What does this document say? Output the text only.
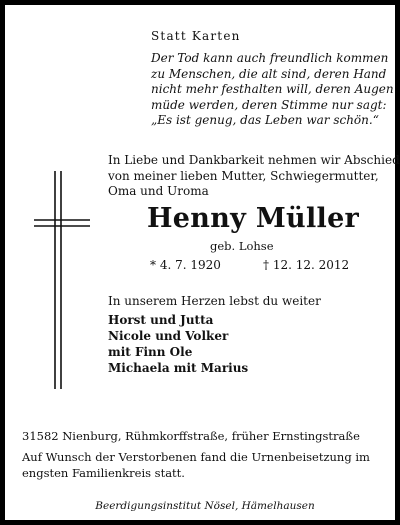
Statt Karten
Der Tod kann auch freundlich kommen
zu Menschen, die alt sind, deren Hand
nicht mehr festhalten will, deren Augen
müde werden, deren Stimme nur sagt:
„Es ist genug, das Leben war schön.“
In Liebe und Dankbarkeit nehmen wir Abschied
von meiner lieben Mutter, Schwiegermutter,
Oma und Uroma
Henny Müller
geb. Lohse
* 4. 7. 1920	† 12. 12. 2012
In unserem Herzen lebst du weiter
Horst und Jutta
Nicole und Volker
mit Finn Ole
Michaela mit Marius
31582 Nienburg, Rühmkorffstraße, früher Ernstingstraße
Auf Wunsch der Verstorbenen fand die Urnenbeisetzung im
engsten Familienkreis statt.
Beerdigungsinstitut Nösel, Hämelhausen
